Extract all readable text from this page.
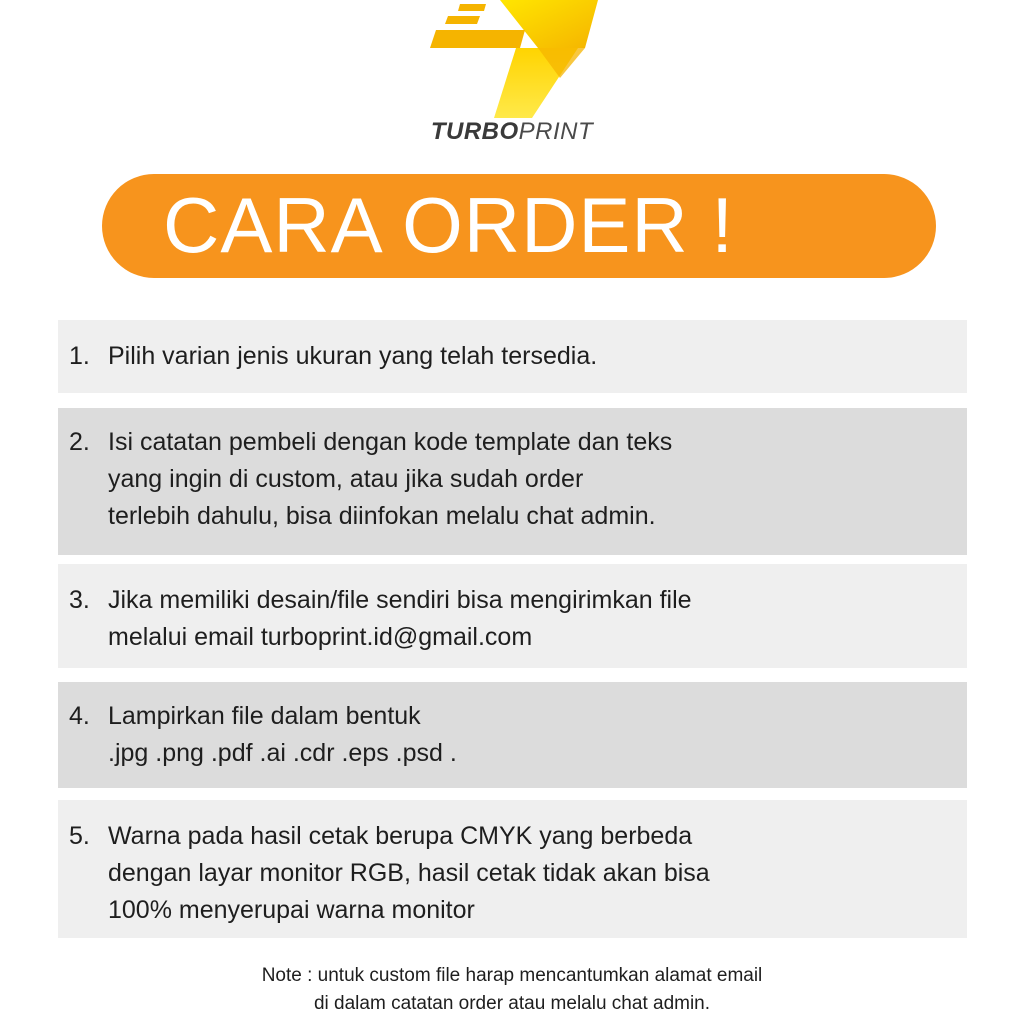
TURBOPRINT
CARA ORDER !
1. Pilih varian jenis ukuran yang telah tersedia.
2. Isi catatan pembeli dengan kode template dan teks
yang ingin di custom, atau jika sudah order
terlebih dahulu, bisa diinfokan melalu chat admin.
3. Jika memiliki desain/file sendiri bisa mengirimkan file
melalui email turboprint.id@gmail.com
4. Lampirkan file dalam bentuk
.jpg .png .pdf .ai .cdr .eps .psd .
5. Warna pada hasil cetak berupa CMYK yang berbeda
dengan layar monitor RGB, hasil cetak tidak akan bisa
100% menyerupai warna monitor
Note : untuk custom file harap mencantumkan alamat email
di dalam catatan order atau melalu chat admin.
